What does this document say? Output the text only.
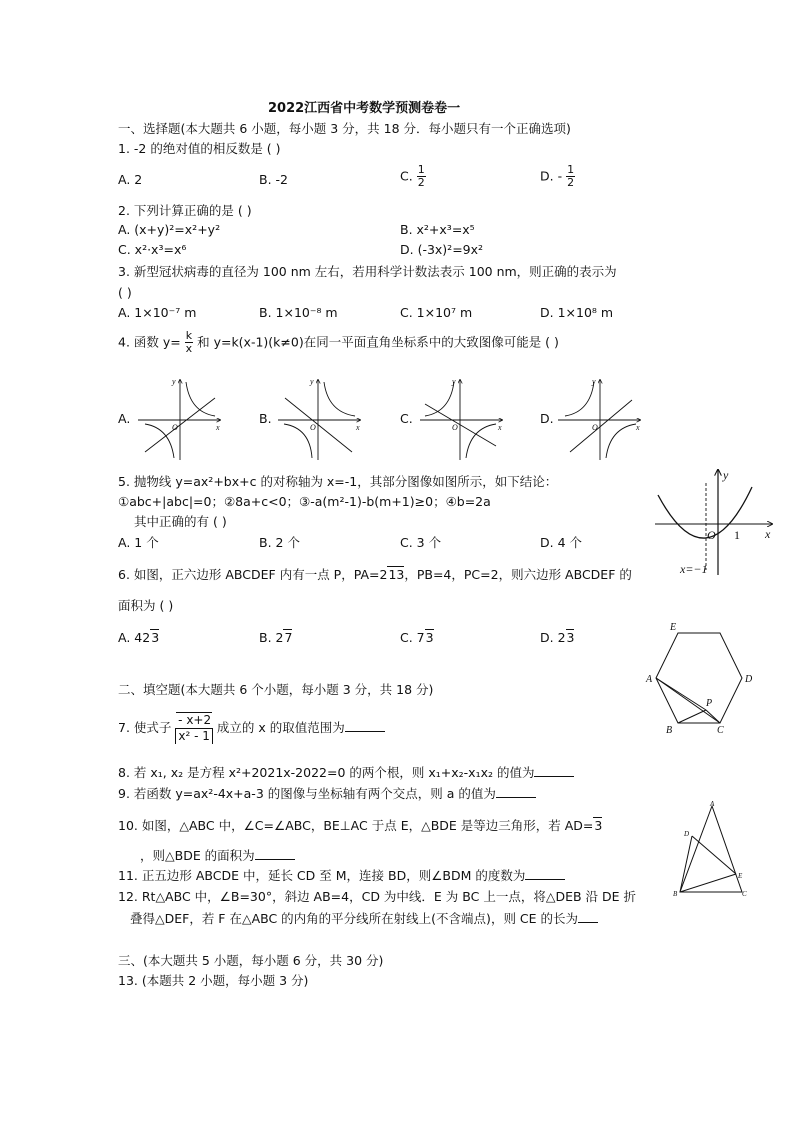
2022江西省中考数学预测卷卷一
一、选择题(本大题共 6 小题，每小题 3 分，共 18 分．每小题只有一个正确选项)
1. -2 的绝对值的相反数是 ( )
A. 2	B. -2	C. $\frac{1}{2}$	D. - $\frac{1}{2}$
2. 下列计算正确的是 ( )
A. (x+y)²=x²+y²	B. x²+x³=x⁵
C. x²·x³=x⁶	D. (-3x)²=9x²
3. 新型冠状病毒的直径为 100 nm 左右，若用科学计数法表示 100 nm，则正确的表示为
( )
A. 1×10⁻⁷ m	B. 1×10⁻⁸ m	C. 1×10⁷ m	D. 1×10⁸ m
4. 函数 $y= \frac{k}{x}$ 和 y=k(x-1)(k≠0)在同一平面直角坐标系中的大致图像可能是 ( )
A.	B.	C.	D.
y
x
O
y
x
O
y
x
O
y
x
O
5. 抛物线 y=ax²+bx+c 的对称轴为 x=-1，其部分图像如图所示，如下结论：
①abc+|abc|=0；②8a+c<0；③-a(m²-1)-b(m+1)≥0；④b=2a
其中正确的有 ( )
A. 1 个	B. 2 个	C. 3 个	D. 4 个
y
x
O 1
x=−1
6. 如图，正六边形 ABCDEF 内有一点 P，PA=213，PB=4，PC=2，则六边形 ABCDEF 的
面积为 ( )
A. 423	B. 27	C. 73	D. 23
E
A	D
B	C
P
二、填空题(本大题共 6 个小题，每小题 3 分，共 18 分)
7. 使式子 $\frac{- x+2}{\text{x² - 1}}$ 成立的 x 的取值范围为
8. 若 x₁, x₂ 是方程 x²+2021x-2022=0 的两个根，则 x₁+x₂-x₁x₂ 的值为
9. 若函数 y=ax²-4x+a-3 的图像与坐标轴有两个交点，则 a 的值为
10. 如图，△ABC 中，∠C=∠ABC，BE⊥AC 于点 E，△BDE 是等边三角形，若 AD=3
，则△BDE 的面积为
A
D
E
B	C
11. 正五边形 ABCDE 中，延长 CD 至 M，连接 BD，则∠BDM 的度数为
12. Rt△ABC 中，∠B=30°，斜边 AB=4，CD 为中线．E 为 BC 上一点，将△DEB 沿 DE 折
叠得△DEF，若 F 在△ABC 的内角的平分线所在射线上(不含端点)，则 CE 的长为
三、(本大题共 5 小题，每小题 6 分，共 30 分)
13. (本题共 2 小题，每小题 3 分)
